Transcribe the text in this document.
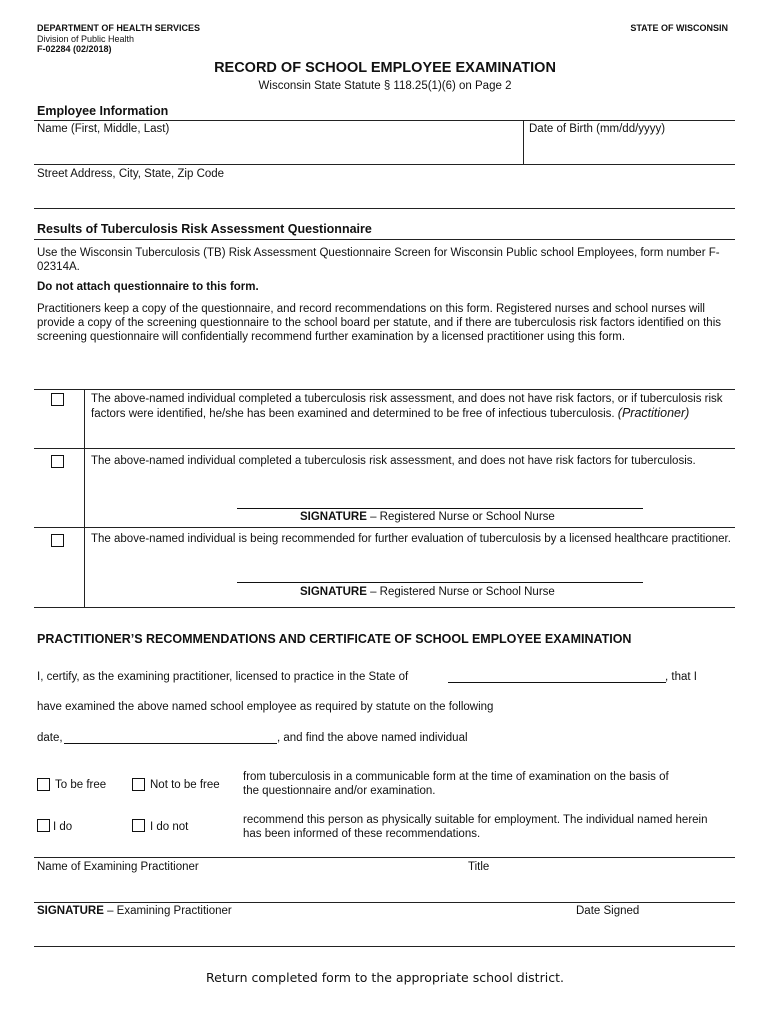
DEPARTMENT OF HEALTH SERVICES
Division of Public Health
F-02284 (02/2018)
STATE OF WISCONSIN
RECORD OF SCHOOL EMPLOYEE EXAMINATION
Wisconsin State Statute § 118.25(1)(6) on Page 2
Employee Information
Name (First, Middle, Last)	Date of Birth (mm/dd/yyyy)
Street Address, City, State, Zip Code
Results of Tuberculosis Risk Assessment Questionnaire
Use the Wisconsin Tuberculosis (TB) Risk Assessment Questionnaire Screen for Wisconsin Public school Employees, form number F-02314A.
Do not attach questionnaire to this form.
Practitioners keep a copy of the questionnaire, and record recommendations on this form. Registered nurses and school nurses will provide a copy of the screening questionnaire to the school board per statute, and if there are tuberculosis risk factors identified on this screening questionnaire will confidentially recommend further examination by a licensed practitioner using this form.
The above-named individual completed a tuberculosis risk assessment, and does not have risk factors, or if tuberculosis risk factors were identified, he/she has been examined and determined to be free of infectious tuberculosis. (Practitioner)
The above-named individual completed a tuberculosis risk assessment, and does not have risk factors for tuberculosis.
SIGNATURE – Registered Nurse or School Nurse
The above-named individual is being recommended for further evaluation of tuberculosis by a licensed healthcare practitioner.
SIGNATURE – Registered Nurse or School Nurse
PRACTITIONER’S RECOMMENDATIONS AND CERTIFICATE OF SCHOOL EMPLOYEE EXAMINATION
I, certify, as the examining practitioner, licensed to practice in the State of	, that I
have examined the above named school employee as required by statute on the following
date,	, and find the above named individual
To be free	Not to be free
from tuberculosis in a communicable form at the time of examination on the basis of the questionnaire and/or examination.
I do	I do not
recommend this person as physically suitable for employment. The individual named herein has been informed of these recommendations.
Name of Examining Practitioner	Title
SIGNATURE – Examining Practitioner	Date Signed
Return completed form to the appropriate school district.
